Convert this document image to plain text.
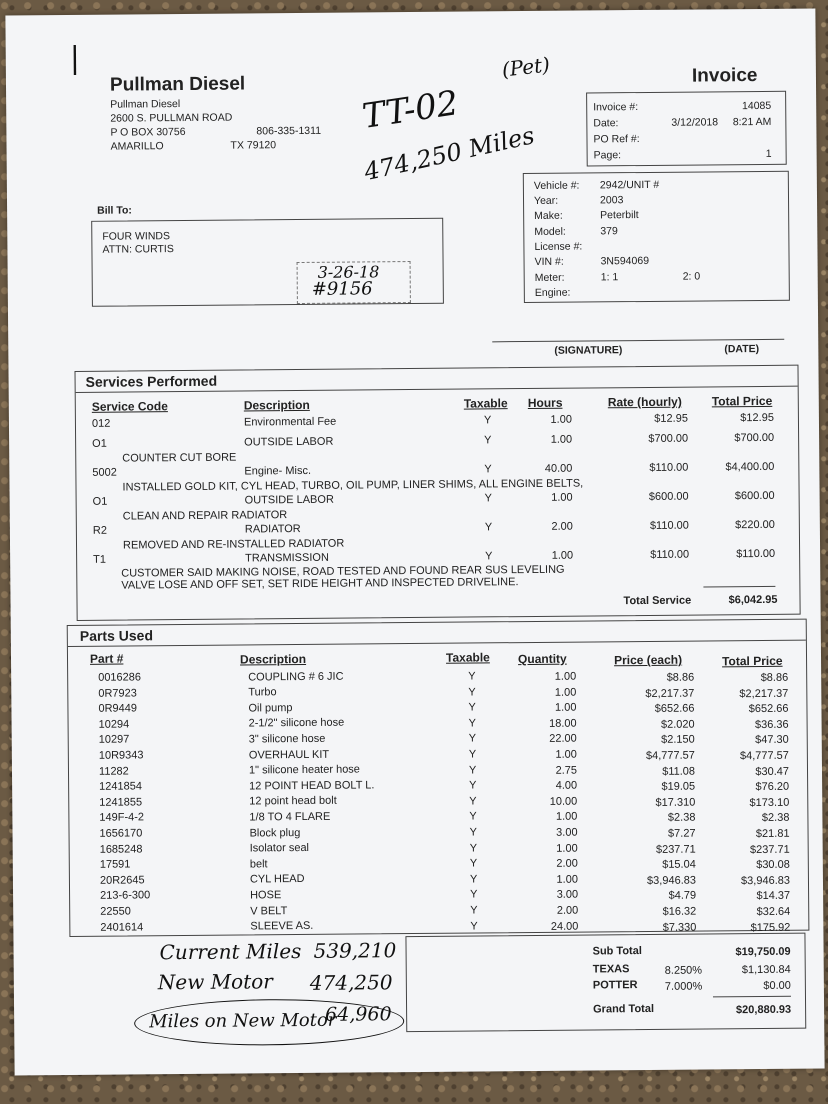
|
Pullman Diesel
Pullman Diesel
2600 S. PULLMAN ROAD
P O BOX 30756	806-335-1311
AMARILLO	TX 79120
TT-02
(Pet)
474,250 Miles
Invoice
Invoice #:	14085
Date:	3/12/2018 8:21 AM
PO Ref #:
Page:	1
Vehicle #: 2942/UNIT #
Year:	2003
Make:	Peterbilt
Model:	379
License #:
VIN #:	3N594069
Meter:	1: 1	2: 0
Engine:
Bill To:
FOUR WINDS
ATTN: CURTIS
3-26-18
#9156
(SIGNATURE)	(DATE)
Services Performed
Service Code	Description	Taxable Hours	Rate (hourly) Total Price
012	Environmental Fee	Y	1.00	$12.95	$12.95
O1	OUTSIDE LABOR	Y	1.00	$700.00	$700.00
COUNTER CUT BORE
5002	Engine- Misc.	Y	40.00	$110.00	$4,400.00
INSTALLED GOLD KIT, CYL HEAD, TURBO, OIL PUMP, LINER SHIMS, ALL ENGINE BELTS,
O1	OUTSIDE LABOR	Y	1.00	$600.00	$600.00
CLEAN AND REPAIR RADIATOR
R2	RADIATOR	Y	2.00	$110.00	$220.00
REMOVED AND RE-INSTALLED RADIATOR
T1	TRANSMISSION	Y	1.00	$110.00	$110.00
CUSTOMER SAID MAKING NOISE, ROAD TESTED AND FOUND REAR SUS LEVELING
VALVE LOSE AND OFF SET, SET RIDE HEIGHT AND INSPECTED DRIVELINE.
Total Service	$6,042.95
Parts Used
Part #	Description	Taxable Quantity	Price (each)	Total Price
0016286	COUPLING # 6 JIC	Y	1.00	$8.86	$8.86
0R7923	Turbo	Y	1.00	$2,217.37	$2,217.37
0R9449	Oil pump	Y	1.00	$652.66	$652.66
10294	2-1/2" silicone hose	Y	18.00	$2.020	$36.36
10297	3" silicone hose	Y	22.00	$2.150	$47.30
10R9343	OVERHAUL KIT	Y	1.00	$4,777.57	$4,777.57
11282	1" silicone heater hose	Y	2.75	$11.08	$30.47
1241854	12 POINT HEAD BOLT L.	Y	4.00	$19.05	$76.20
1241855	12 point head bolt	Y	10.00	$17.310	$173.10
149F-4-2	1/8 TO 4 FLARE	Y	1.00	$2.38	$2.38
1656170	Block plug	Y	3.00	$7.27	$21.81
1685248	Isolator seal	Y	1.00	$237.71	$237.71
17591	belt	Y	2.00	$15.04	$30.08
20R2645	CYL HEAD	Y	1.00	$3,946.83	$3,946.83
213-6-300	HOSE	Y	3.00	$4.79	$14.37
22550	V BELT	Y	2.00	$16.32	$32.64
2401614	SLEEVE AS.	Y	24.00	$7.330	$175.92
Current Miles 539,210
New Motor 474,250
Miles on New Motor
64,960
Sub Total	$19,750.09
TEXAS	8.250%	$1,130.84
POTTER 7.000%	$0.00
Grand Total	$20,880.93
